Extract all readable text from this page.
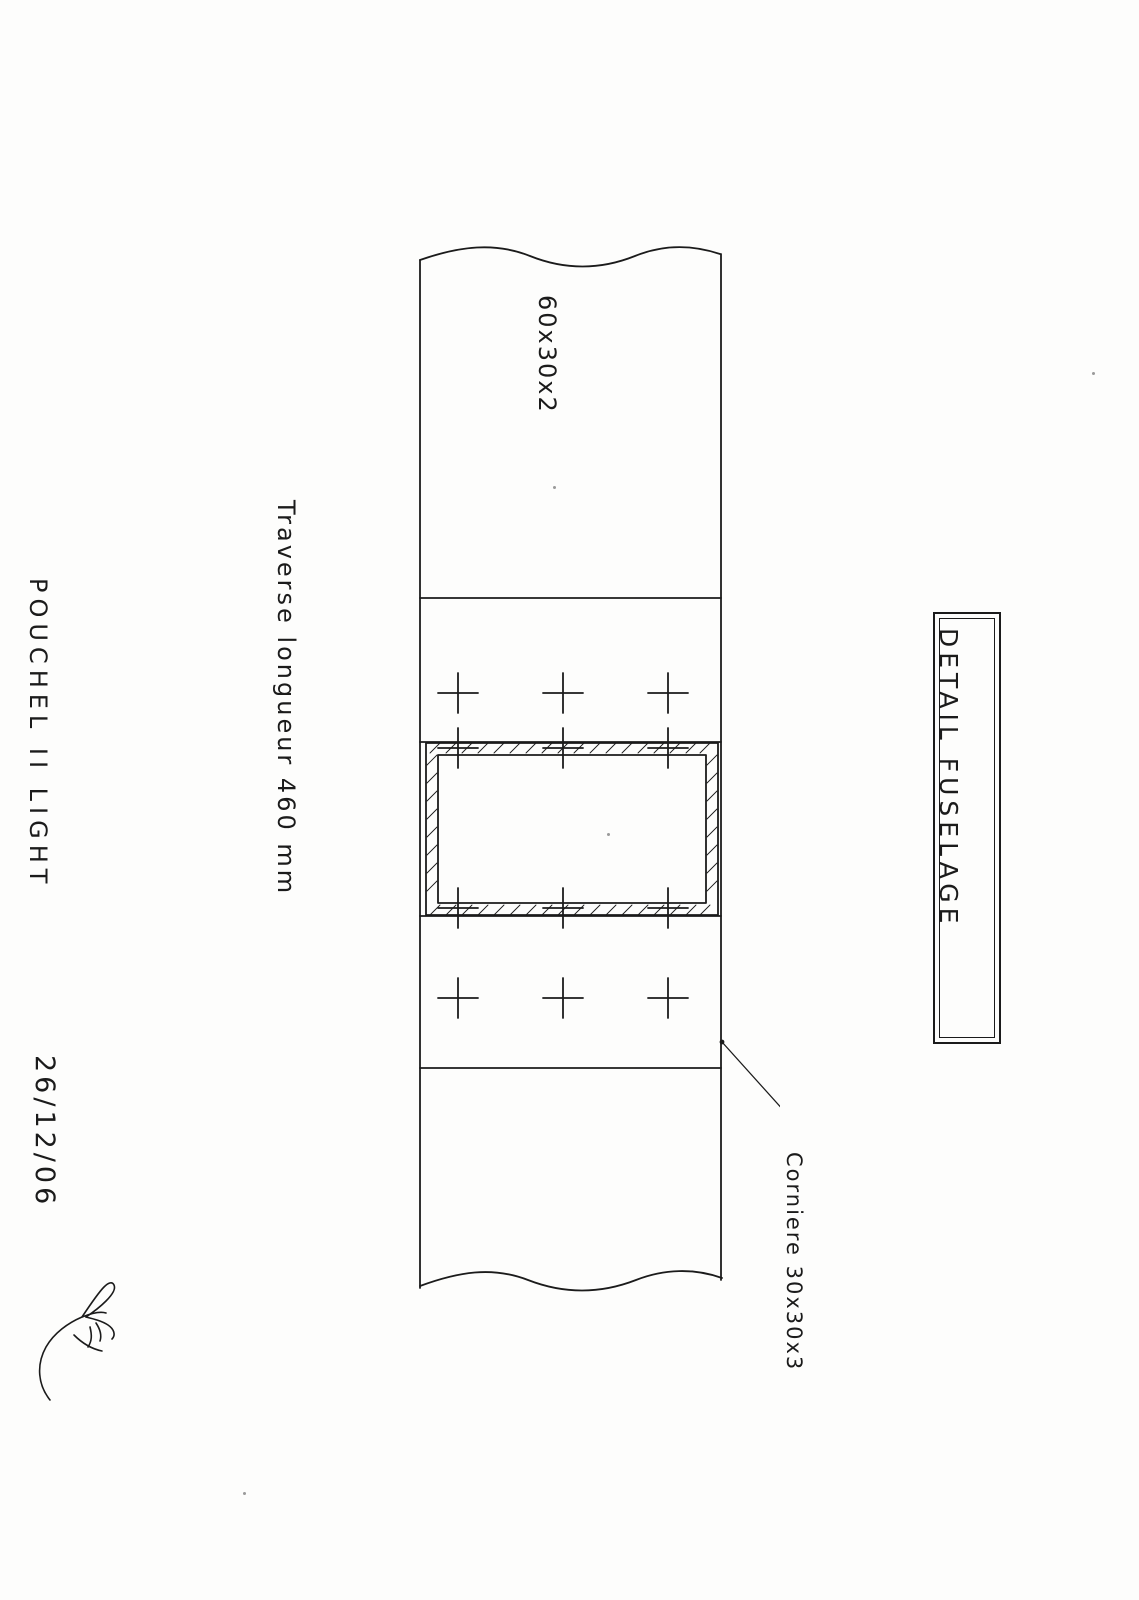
DETAIL FUSELAGE
POUCHEL II LIGHT
26/12/06
Traverse longueur 460 mm
60x30x2
Corniere 30x30x3
